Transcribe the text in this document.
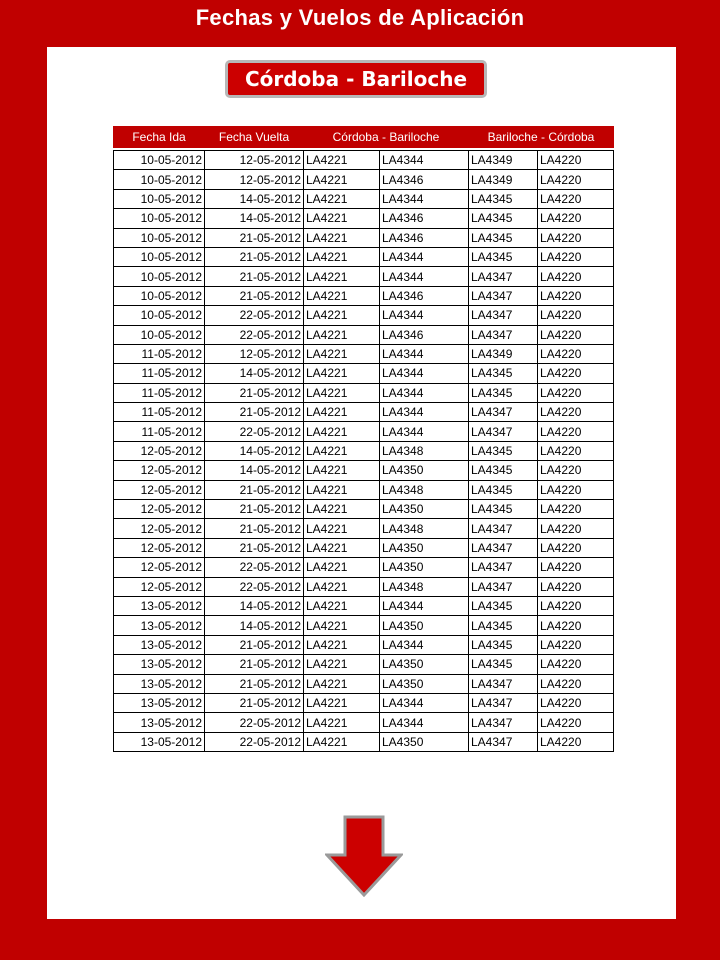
Fechas y Vuelos de Aplicación
Córdoba - Bariloche
Fecha Ida	Fecha Vuelta	Córdoba - Bariloche		Bariloche - Córdoba	

10-05-2012	12-05-2012	LA4221	LA4344	LA4349	LA4220
10-05-2012	12-05-2012	LA4221	LA4346	LA4349	LA4220
10-05-2012	14-05-2012	LA4221	LA4344	LA4345	LA4220
10-05-2012	14-05-2012	LA4221	LA4346	LA4345	LA4220
10-05-2012	21-05-2012	LA4221	LA4346	LA4345	LA4220
10-05-2012	21-05-2012	LA4221	LA4344	LA4345	LA4220
10-05-2012	21-05-2012	LA4221	LA4344	LA4347	LA4220
10-05-2012	21-05-2012	LA4221	LA4346	LA4347	LA4220
10-05-2012	22-05-2012	LA4221	LA4344	LA4347	LA4220
10-05-2012	22-05-2012	LA4221	LA4346	LA4347	LA4220
11-05-2012	12-05-2012	LA4221	LA4344	LA4349	LA4220
11-05-2012	14-05-2012	LA4221	LA4344	LA4345	LA4220
11-05-2012	21-05-2012	LA4221	LA4344	LA4345	LA4220
11-05-2012	21-05-2012	LA4221	LA4344	LA4347	LA4220
11-05-2012	22-05-2012	LA4221	LA4344	LA4347	LA4220
12-05-2012	14-05-2012	LA4221	LA4348	LA4345	LA4220
12-05-2012	14-05-2012	LA4221	LA4350	LA4345	LA4220
12-05-2012	21-05-2012	LA4221	LA4348	LA4345	LA4220
12-05-2012	21-05-2012	LA4221	LA4350	LA4345	LA4220
12-05-2012	21-05-2012	LA4221	LA4348	LA4347	LA4220
12-05-2012	21-05-2012	LA4221	LA4350	LA4347	LA4220
12-05-2012	22-05-2012	LA4221	LA4350	LA4347	LA4220
12-05-2012	22-05-2012	LA4221	LA4348	LA4347	LA4220
13-05-2012	14-05-2012	LA4221	LA4344	LA4345	LA4220
13-05-2012	14-05-2012	LA4221	LA4350	LA4345	LA4220
13-05-2012	21-05-2012	LA4221	LA4344	LA4345	LA4220
13-05-2012	21-05-2012	LA4221	LA4350	LA4345	LA4220
13-05-2012	21-05-2012	LA4221	LA4350	LA4347	LA4220
13-05-2012	21-05-2012	LA4221	LA4344	LA4347	LA4220
13-05-2012	22-05-2012	LA4221	LA4344	LA4347	LA4220
13-05-2012	22-05-2012	LA4221	LA4350	LA4347	LA4220
